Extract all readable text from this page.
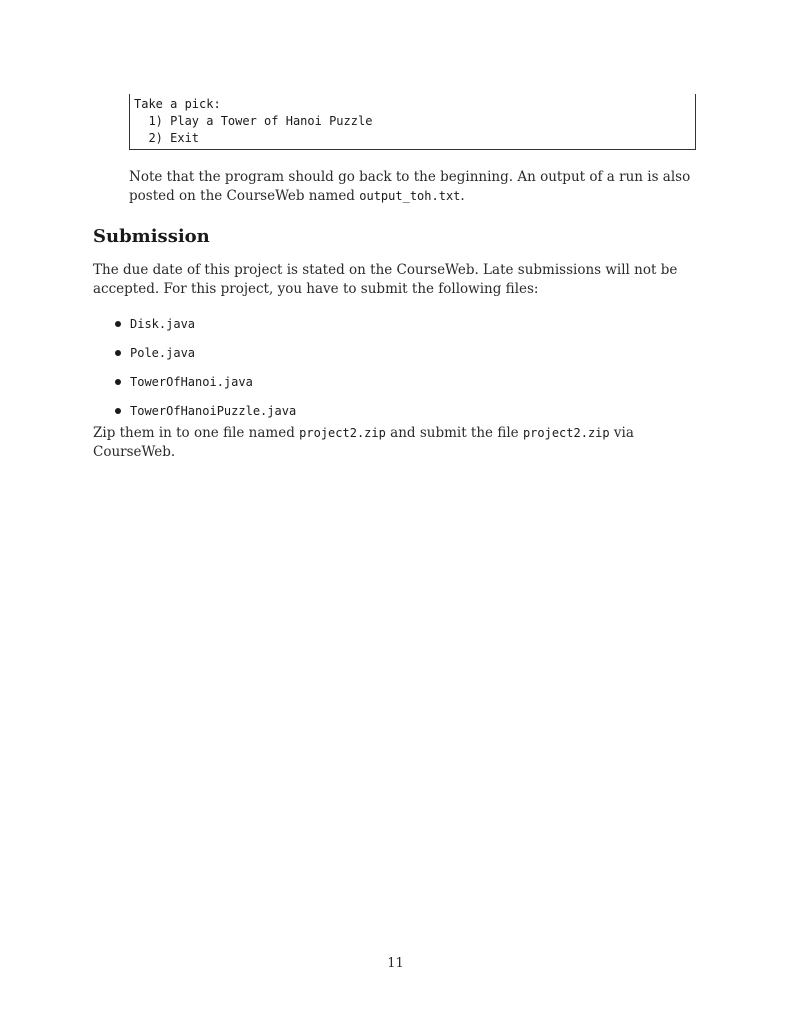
Take a pick:
1) Play a Tower of Hanoi Puzzle
2) Exit
Note that the program should go back to the beginning. An output of a run is also posted on the CourseWeb named output_toh.txt.
Submission
The due date of this project is stated on the CourseWeb. Late submissions will not be accepted. For this project, you have to submit the following files:
Disk.java
Pole.java
TowerOfHanoi.java
TowerOfHanoiPuzzle.java
Zip them in to one file named project2.zip and submit the file project2.zip via CourseWeb.
11
